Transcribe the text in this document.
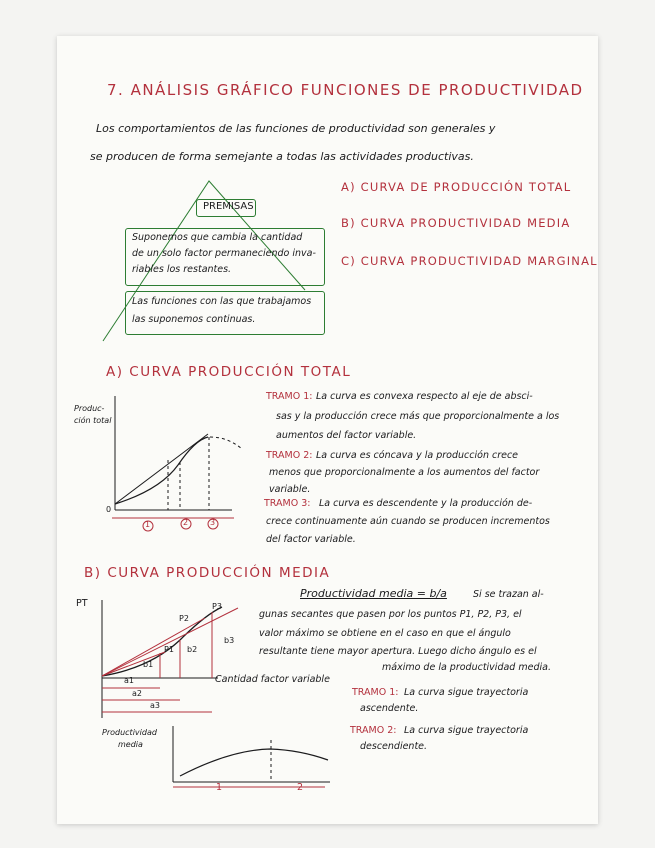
7. ANÁLISIS GRÁFICO FUNCIONES DE PRODUCTIVIDAD
Los comportamientos de las funciones de productividad son generales y
se producen de forma semejante a todas las actividades productivas.
PREMISAS
Suponemos que cambia la cantidad
de un solo factor permaneciendo inva-
riables los restantes.
Las funciones con las que trabajamos
las suponemos continuas.
A) CURVA DE PRODUCCIÓN TOTAL
B) CURVA PRODUCTIVIDAD MEDIA
C) CURVA PRODUCTIVIDAD MARGINAL
A) CURVA PRODUCCIÓN TOTAL
Produc-
ción total
0
1	2	3
TRAMO 1: La curva es convexa respecto al eje de absci-
sas y la producción crece más que proporcionalmente a los
aumentos del factor variable.
TRAMO 2: La curva es cóncava y la producción crece
menos que proporcionalmente a los aumentos del factor
variable.
TRAMO 3: La curva es descendente y la producción de-
crece continuamente aún cuando se producen incrementos
del factor variable.
B) CURVA PRODUCCIÓN MEDIA
PT
b1
b2
b3
P1
P2
P3
a1
a2
a3
Cantidad factor variable
Productividad media = b/a	Si se trazan al-
gunas secantes que pasen por los puntos P1, P2, P3, el
valor máximo se obtiene en el caso en que el ángulo
resultante tiene mayor apertura. Luego dicho ángulo es el
máximo de la productividad media.
TRAMO 1: La curva sigue trayectoria
ascendente.
TRAMO 2: La curva sigue trayectoria
descendiente.
Productividad
media
1	2
